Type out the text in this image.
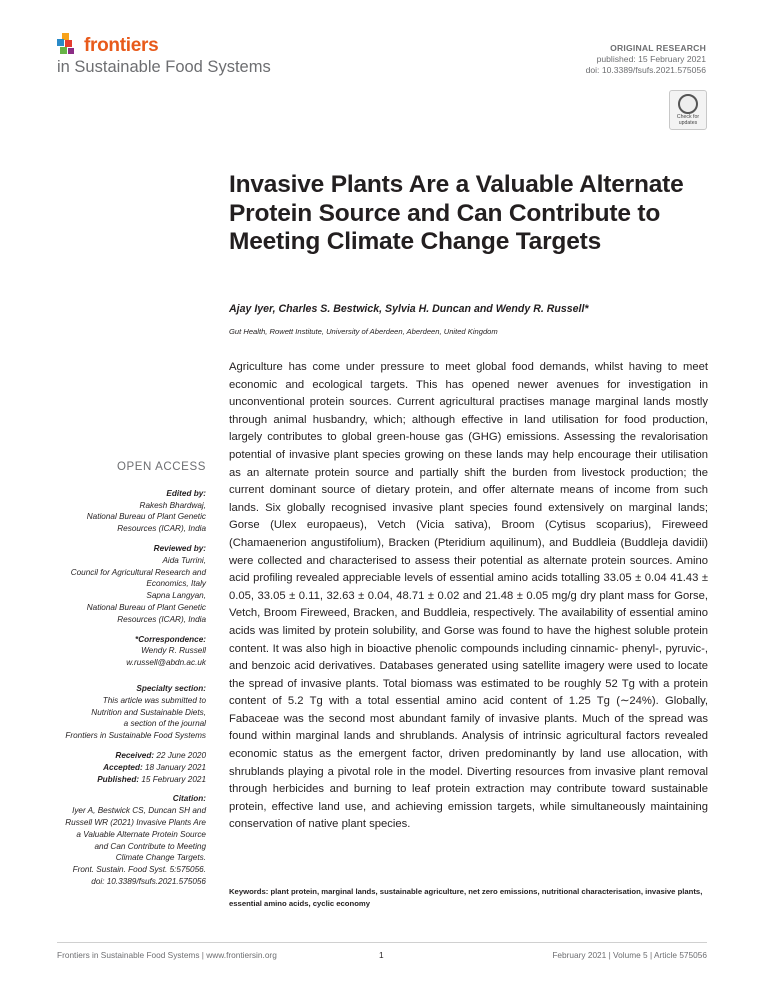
frontiers
in Sustainable Food Systems
ORIGINAL RESEARCH
published: 15 February 2021
doi: 10.3389/fsufs.2021.575056
Check for updates
Invasive Plants Are a Valuable Alternate Protein Source and Can Contribute to Meeting Climate Change Targets
Ajay Iyer, Charles S. Bestwick, Sylvia H. Duncan and Wendy R. Russell*
Gut Health, Rowett Institute, University of Aberdeen, Aberdeen, United Kingdom
Agriculture has come under pressure to meet global food demands, whilst having to meet economic and ecological targets. This has opened newer avenues for investigation in unconventional protein sources. Current agricultural practises manage marginal lands mostly through animal husbandry, which; although effective in land utilisation for food production, largely contributes to global green-house gas (GHG) emissions. Assessing the revalorisation potential of invasive plant species growing on these lands may help encourage their utilisation as an alternate protein source and partially shift the burden from livestock production; the current dominant source of dietary protein, and offer alternate means of income from such lands. Six globally recognised invasive plant species found extensively on marginal lands; Gorse (Ulex europaeus), Vetch (Vicia sativa), Broom (Cytisus scoparius), Fireweed (Chamaenerion angustifolium), Bracken (Pteridium aquilinum), and Buddleia (Buddleja davidii) were collected and characterised to assess their potential as alternate protein sources. Amino acid profiling revealed appreciable levels of essential amino acids totalling 33.05 ± 0.04 41.43 ± 0.05, 33.05 ± 0.11, 32.63 ± 0.04, 48.71 ± 0.02 and 21.48 ± 0.05 mg/g dry plant mass for Gorse, Vetch, Broom Fireweed, Bracken, and Buddleia, respectively. The availability of essential amino acids was limited by protein solubility, and Gorse was found to have the highest soluble protein content. It was also high in bioactive phenolic compounds including cinnamic- phenyl-, pyruvic-, and benzoic acid derivatives. Databases generated using satellite imagery were used to locate the spread of invasive plants. Total biomass was estimated to be roughly 52 Tg with a protein content of 5.2 Tg with a total essential amino acid content of 1.25 Tg (∼24%). Globally, Fabaceae was the second most abundant family of invasive plants. Much of the spread was found within marginal lands and shrublands. Analysis of intrinsic agricultural factors revealed economic status as the emergent factor, driven predominantly by land use allocation, with shrublands playing a pivotal role in the model. Diverting resources from invasive plant removal through herbicides and burning to leaf protein extraction may contribute toward sustainable protein, effective land use, and achieving emission targets, while simultaneously maintaining conservation of native plant species.
Keywords: plant protein, marginal lands, sustainable agriculture, net zero emissions, nutritional characterisation, invasive plants, essential amino acids, cyclic economy
OPEN ACCESS
Edited by:
Rakesh Bhardwaj,
National Bureau of Plant Genetic
Resources (ICAR), India
Reviewed by:
Aida Turrini,
Council for Agricultural Research and
Economics, Italy
Sapna Langyan,
National Bureau of Plant Genetic
Resources (ICAR), India
*Correspondence:
Wendy R. Russell
w.russell@abdn.ac.uk
Specialty section:
This article was submitted to
Nutrition and Sustainable Diets,
a section of the journal
Frontiers in Sustainable Food Systems
Received: 22 June 2020
Accepted: 18 January 2021
Published: 15 February 2021
Citation:
Iyer A, Bestwick CS, Duncan SH and
Russell WR (2021) Invasive Plants Are
a Valuable Alternate Protein Source
and Can Contribute to Meeting
Climate Change Targets.
Front. Sustain. Food Syst. 5:575056.
doi: 10.3389/fsufs.2021.575056
Frontiers in Sustainable Food Systems | www.frontiersin.org	1	February 2021 | Volume 5 | Article 575056
